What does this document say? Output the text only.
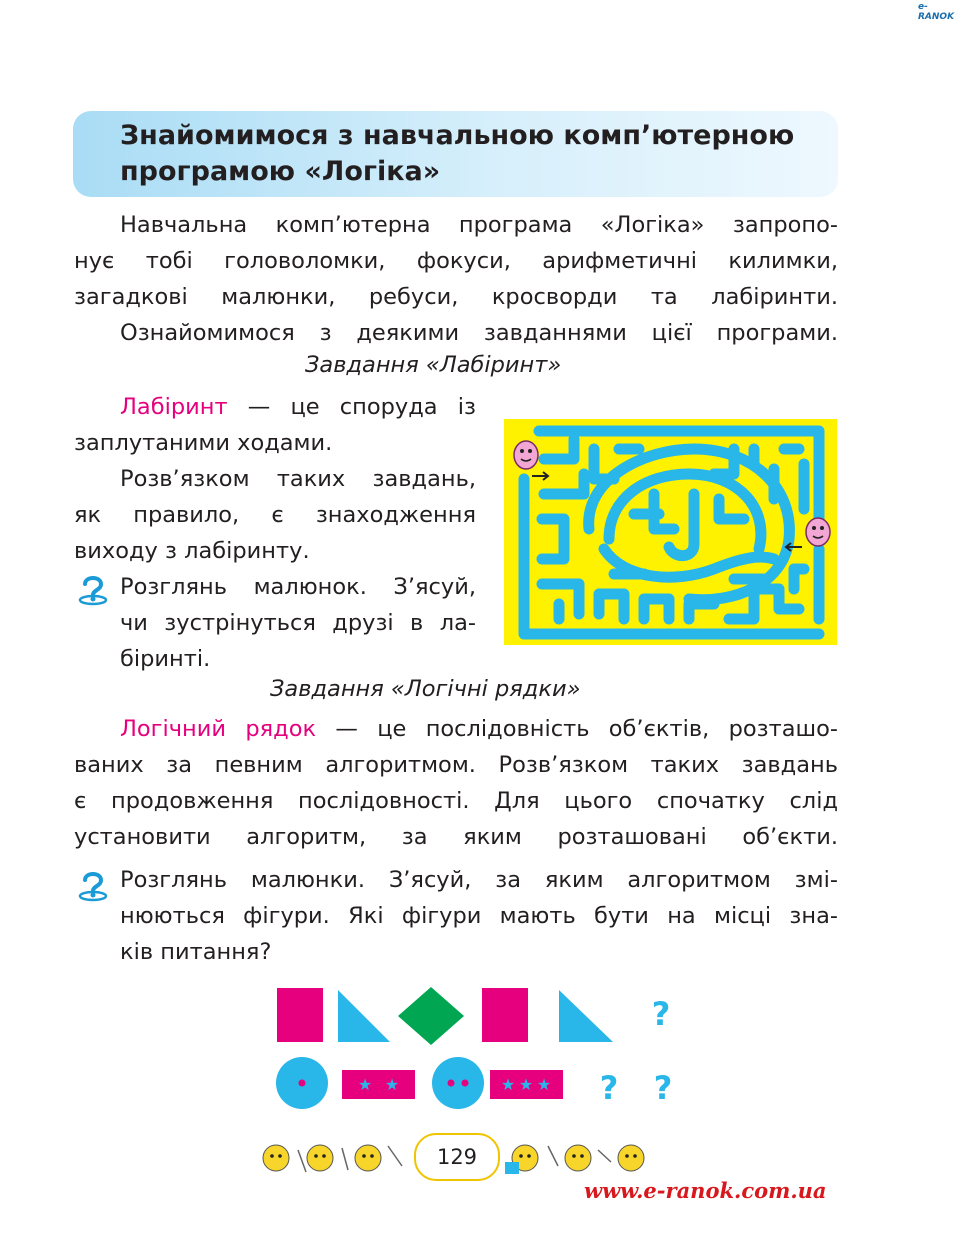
e-RANOK
Знайомимося з навчальною комп’ютерною
програмою «Логіка»
Навчальна комп’ютерна програма «Логіка» запропо-
нує тобі головоломки, фокуси, арифметичні килимки,
загадкові малюнки, ребуси, кросворди та лабіринти.
Ознайомимося з деякими завданнями цієї програми.
Завдання «Лабіринт»
Лабіринт — це споруда із
заплутаними ходами.
Розв’язком таких завдань,
як правило, є знаходження
виходу з лабіринту.
Розглянь малюнок. З’ясуй,
чи зустрінуться друзі в ла-
біринті.
Завдання «Логічні рядки»
Логічний рядок — це послідовність об’єктів, розташо-
ваних за певним алгоритмом. Розв’язком таких завдань
є продовження послідовності. Для цього спочатку слід
установити алгоритм, за яким розташовані об’єкти.
Розглянь малюнки. З’ясуй, за яким алгоритмом змі-
нюються фігури. Які фігури мають бути на місці зна-
ків питання?
?
★ ★	★ ★ ★ ? ?
129
www.e-ranok.com.ua
